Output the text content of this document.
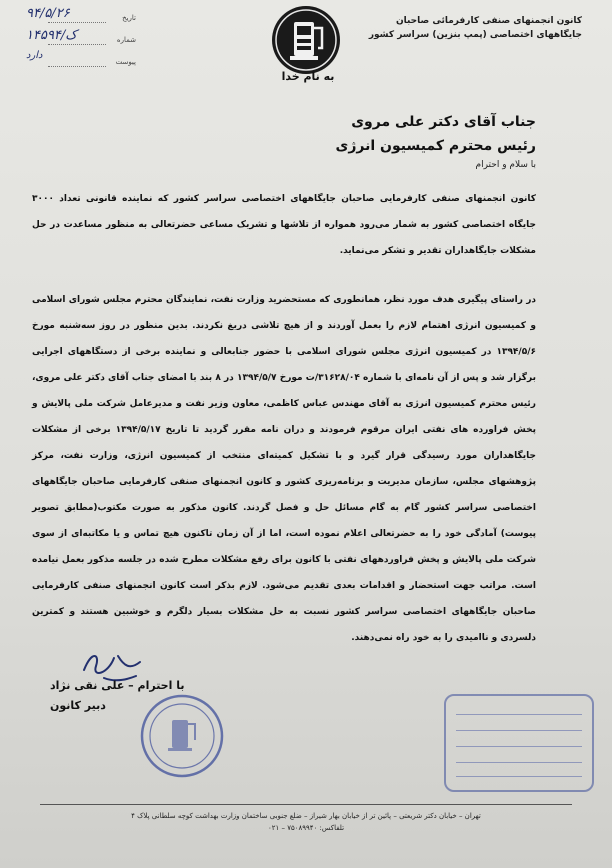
تاریخ
۹۴/۵/۲۶
شماره
۱۴۵۹۴/ک
پیوست
دارد
به نام خدا
کانون انجمنهای صنفی کارفرمائی صاحبان
جایگاههای اختصاصی (پمپ بنزین) سراسر کشور
جناب آقای دکتر علی مروی
رئیس محترم کمیسیون انرژی
با سلام و احترام
کانون انجمنهای صنفی کارفرمایی صاحبان جایگاههای اختصاصی سراسر کشور که نماینده قانونی تعداد ۳۰۰۰ جایگاه اختصاصی کشور به شمار می‌رود همواره از تلاشها و تشریک مساعی حضرتعالی به منظور مساعدت در حل مشکلات جایگاهداران تقدیر و تشکر می‌نماید.
در راستای پیگیری هدف مورد نظر، همانطوری که مستحضرید وزارت نفت، نمایندگان محترم مجلس شورای اسلامی و کمیسیون انرژی اهتمام لازم را بعمل آوردند و از هیچ تلاشی دریغ نکردند. بدین منظور در روز سه‌شنبه مورخ ۱۳۹۴/۵/۶ در کمیسیون انرژی مجلس شورای اسلامی با حضور جنابعالی و نماینده برخی از دستگاههای اجرایی برگزار شد و پس از آن نامه‌ای با شماره ۳۱۶۲۸/۰۴/ت مورخ ۱۳۹۴/۵/۷ در ۸ بند با امضای جناب آقای دکتر علی مروی، رئیس محترم کمیسیون انرژی به آقای مهندس عباس کاظمی، معاون وزیر نفت و مدیرعامل شرکت ملی پالایش و پخش فراورده های نفتی ایران مرقوم فرمودند و دران نامه مقرر گردید تا تاریخ ۱۳۹۴/۵/۱۷ برخی از مشکلات جایگاهداران مورد رسیدگی قرار گیرد و با تشکیل کمیته‌ای منتخب از کمیسیون انرژی، وزارت نفت، مرکز پژوهشهای مجلس، سازمان مدیریت و برنامه‌ریزی کشور و کانون انجمنهای صنفی کارفرمایی صاحبان جایگاههای اختصاصی سراسر کشور گام به گام مسائل حل و فصل گردند. کانون مذکور به صورت مکتوب(مطابق تصویر پیوست) آمادگی خود را به حضرتعالی اعلام نموده است، اما از آن زمان تاکنون هیچ تماس و یا مکاتبه‌ای از سوی شرکت ملی پالایش و پخش فراوردههای نفتی با کانون برای رفع مشکلات مطرح شده در جلسه مذکور بعمل نیامده است. مراتب جهت استحضار و اقدامات بعدی تقدیم می‌شود. لازم بذکر است کانون انجمنهای صنفی کارفرمایی صاحبان جایگاههای اختصاصی سراسر کشور نسبت به حل مشکلات بسیار دلگرم و خوشبین هستند و کمترین دلسردی و ناامیدی را به خود راه نمی‌دهند.
با احترام – علی نقی نژاد
دبیر کانون
تهران – خیابان دکتر شریعتی – پائین تر از خیابان بهار شیراز – ضلع جنوبی ساختمان وزارت بهداشت کوچه سلطانی پلاک ۴
تلفاکس: ۷۵۰۸۹۹۴۰ – ۰۲۱
